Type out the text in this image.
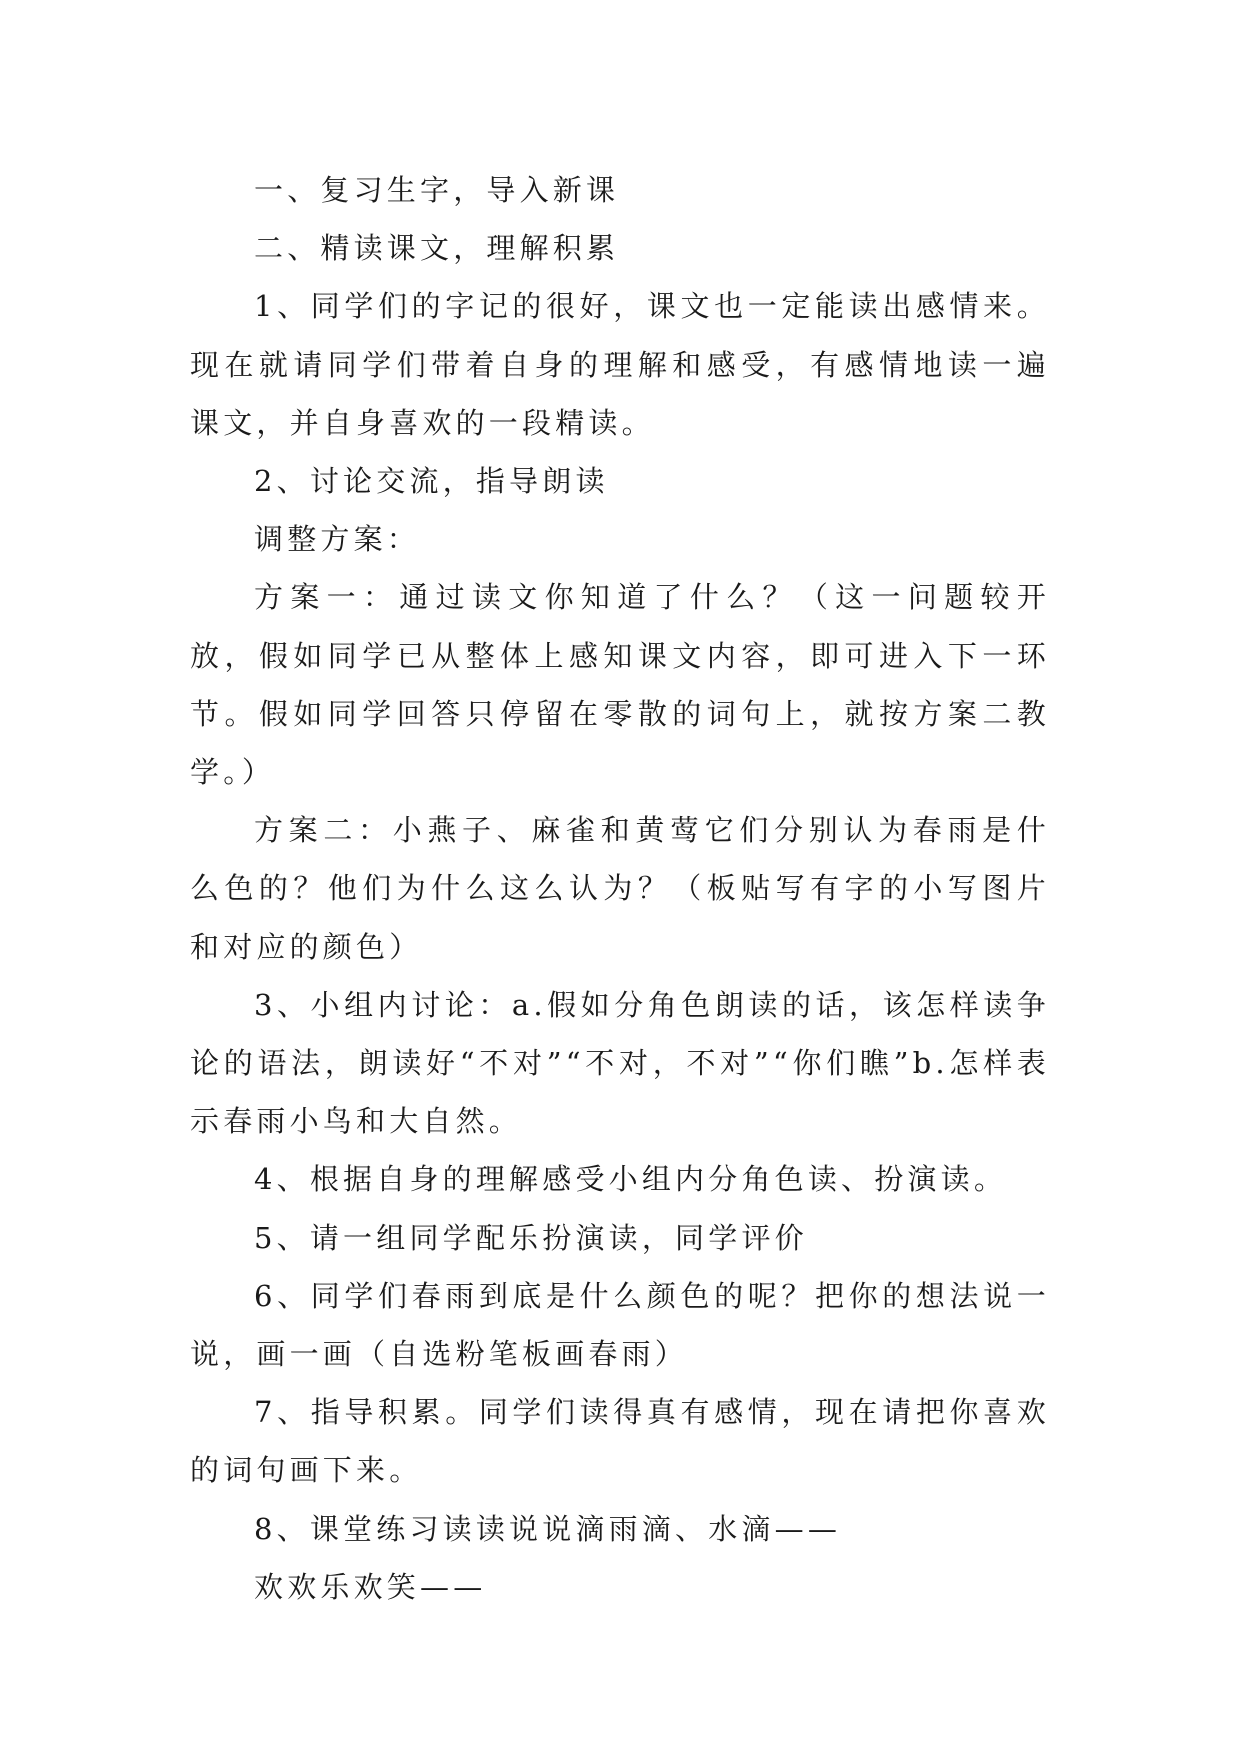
一、复习生字，导入新课

二、精读课文，理解积累

1、同学们的字记的很好，课文也一定能读出感情来。现在就请同学们带着自身的理解和感受，有感情地读一遍课文，并自身喜欢的一段精读。

2、讨论交流，指导朗读

调整方案：

方案一：通过读文你知道了什么？（这一问题较开放，假如同学已从整体上感知课文内容，即可进入下一环节。假如同学回答只停留在零散的词句上，就按方案二教学。）

方案二：小燕子、麻雀和黄莺它们分别认为春雨是什么色的？他们为什么这么认为？（板贴写有字的小写图片和对应的颜色）

3、小组内讨论：a.假如分角色朗读的话，该怎样读争论的语法，朗读好“不对”“不对，不对”“你们瞧”b.怎样表示春雨小鸟和大自然。

4、根据自身的理解感受小组内分角色读、扮演读。

5、请一组同学配乐扮演读，同学评价

6、同学们春雨到底是什么颜色的呢？把你的想法说一说，画一画（自选粉笔板画春雨）

7、指导积累。同学们读得真有感情，现在请把你喜欢的词句画下来。

8、课堂练习读读说说滴雨滴、水滴——

欢欢乐欢笑——
